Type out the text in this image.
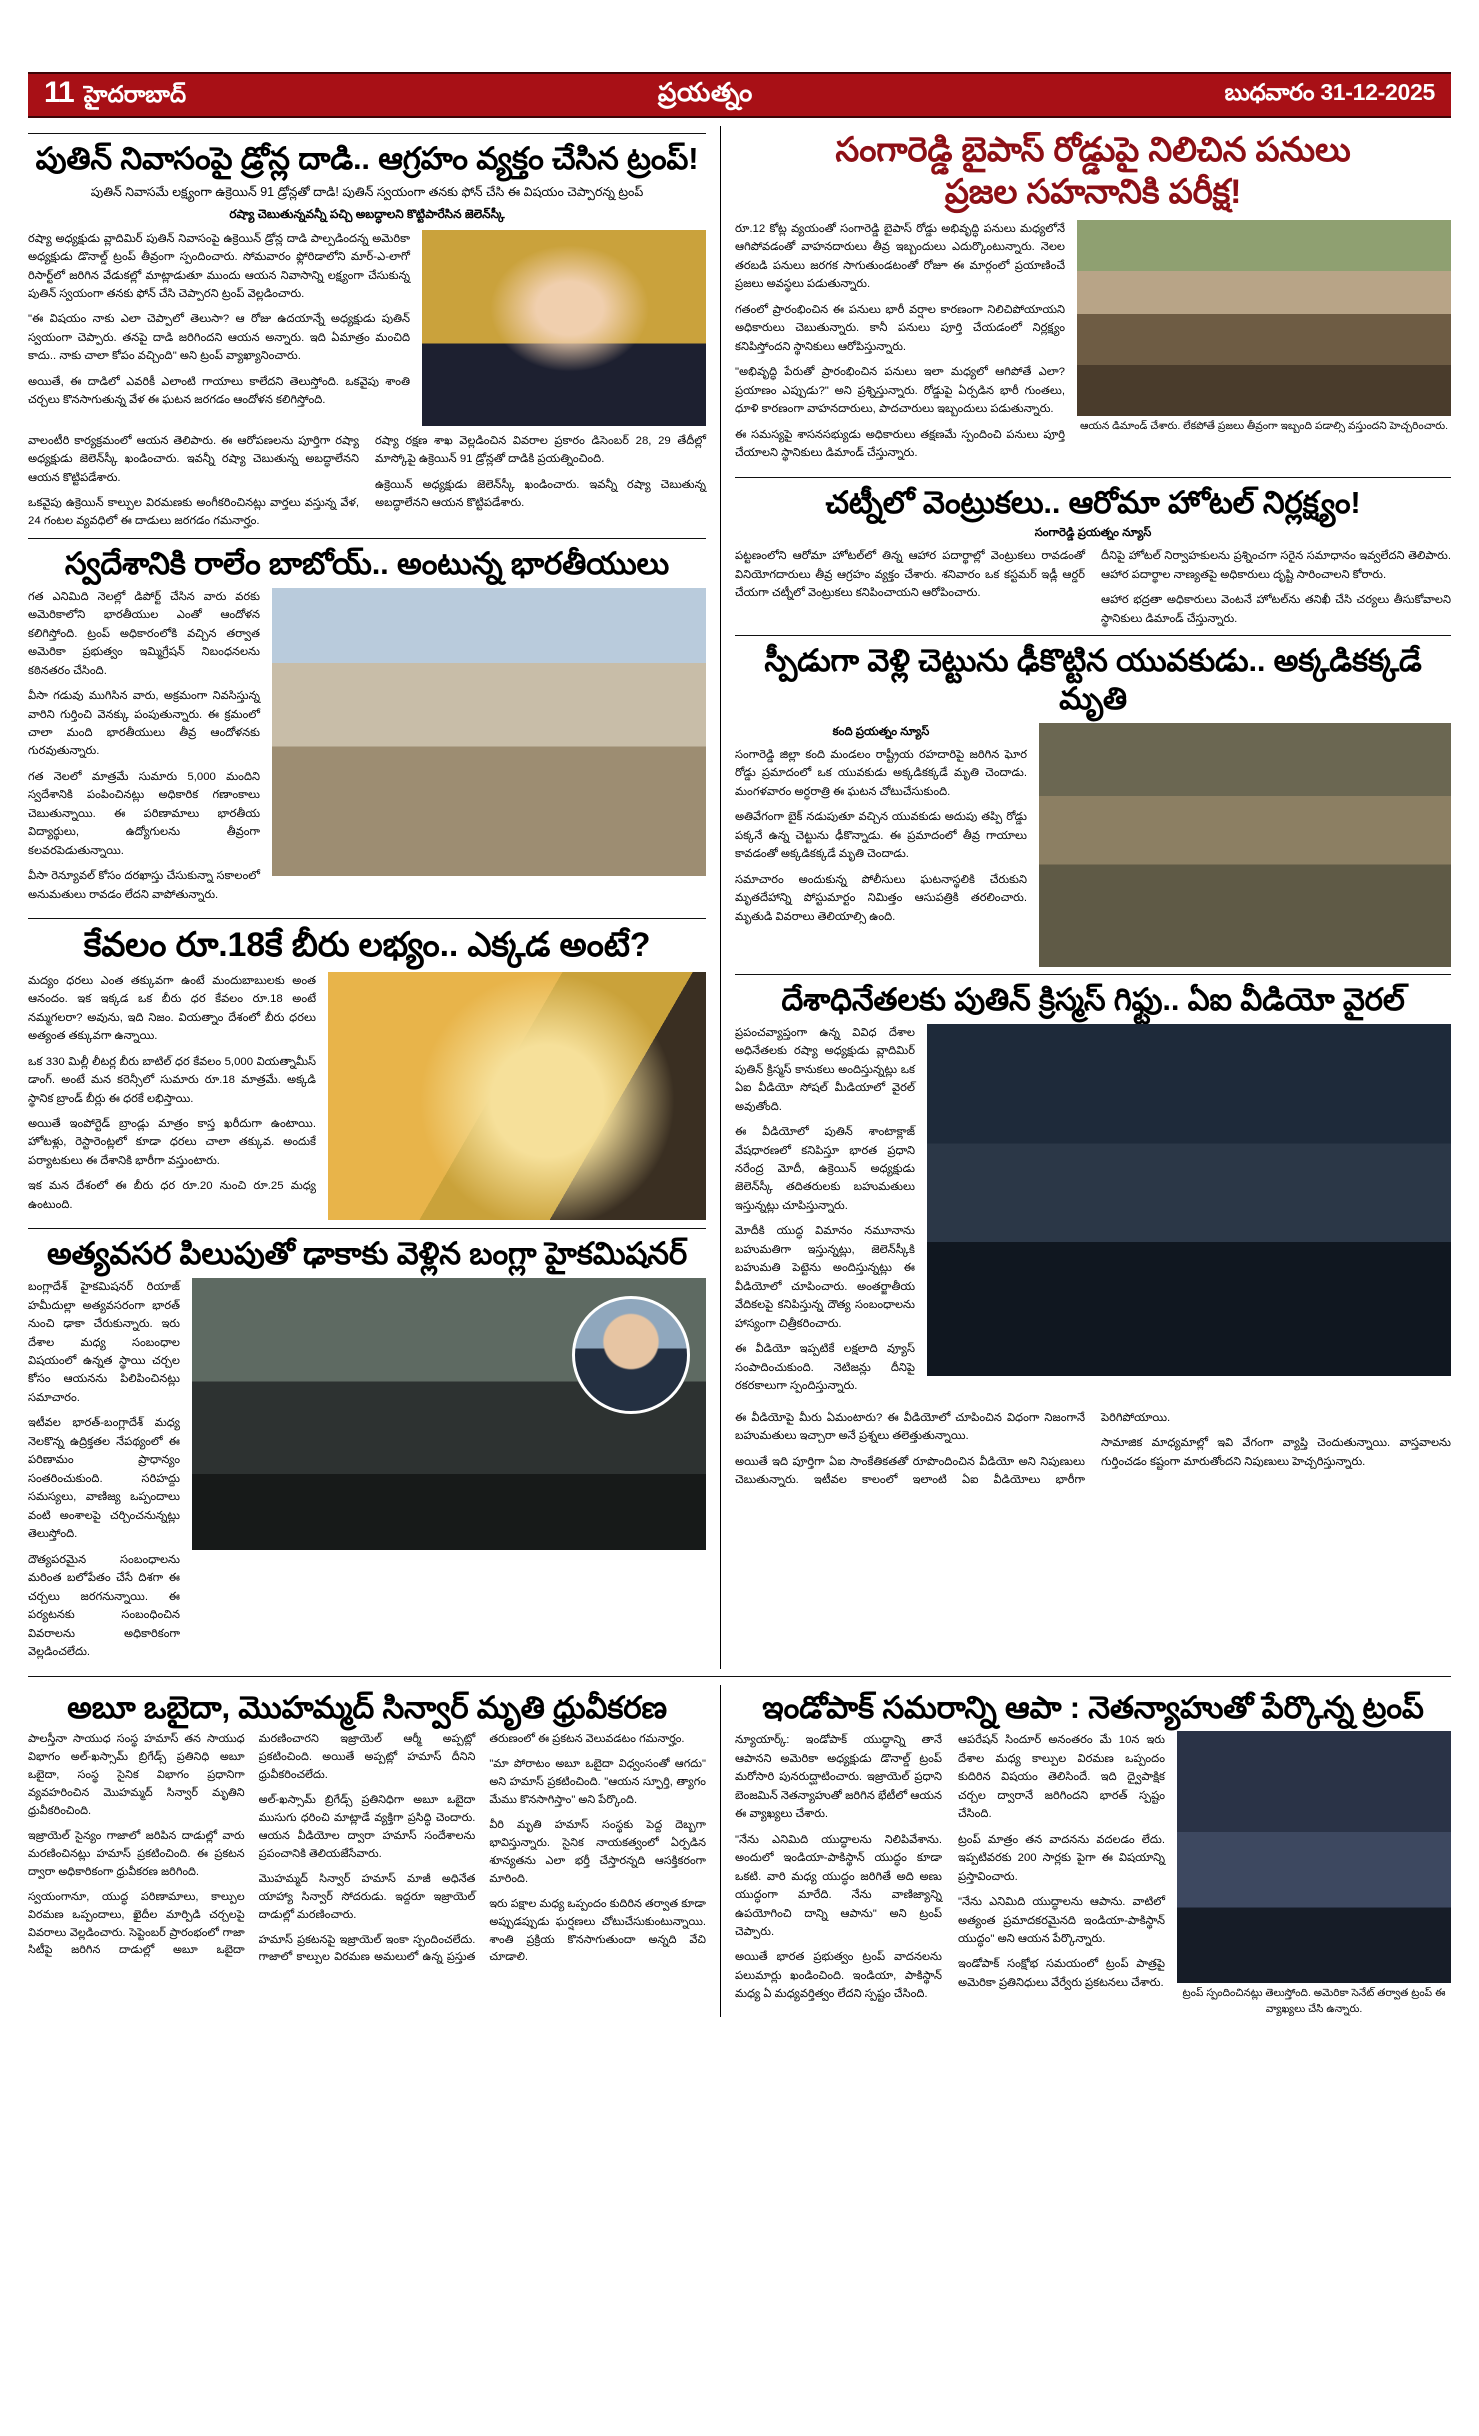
11 హైదరాబాద్	ప్రయత్నం	బుధవారం 31-12-2025
పుతిన్ నివాసంపై డ్రోన్ల దాడి.. ఆగ్రహం వ్యక్తం చేసిన ట్రంప్!
పుతిన్ నివాసమే లక్ష్యంగా ఉక్రెయిన్ 91 డ్రోన్లతో దాడి! పుతిన్ స్వయంగా తనకు ఫోన్ చేసి ఈ విషయం చెప్పారన్న ట్రంప్
రష్యా చెబుతున్నవన్నీ పచ్చి అబద్ధాలని కొట్టిపారేసిన జెలెన్‌స్కీ

రష్యా అధ్యక్షుడు వ్లాదిమిర్ పుతిన్ నివాసంపై ఉక్రెయిన్ డ్రోన్ల దాడి పాల్పడిందన్న అమెరికా అధ్యక్షుడు డొనాల్డ్ ట్రంప్ తీవ్రంగా స్పందించారు. సోమవారం ఫ్లోరిడాలోని మార్-ఎ-లాగో రిసార్ట్‌లో జరిగిన వేడుకల్లో మాట్లాడుతూ ముందు ఆయన నివాసాన్ని లక్ష్యంగా చేసుకున్న పుతిన్ స్వయంగా తనకు ఫోన్ చేసి చెప్పారని ట్రంప్ వెల్లడించారు.

"ఈ విషయం నాకు ఎలా చెప్పాలో తెలుసా? ఆ రోజు ఉదయాన్నే అధ్యక్షుడు పుతిన్ స్వయంగా చెప్పారు. తనపై దాడి జరిగిందని ఆయన అన్నారు. ఇది ఏమాత్రం మంచిది కాదు.. నాకు చాలా కోపం వచ్చింది" అని ట్రంప్ వ్యాఖ్యానించారు.

అయితే, ఈ దాడిలో ఎవరికీ ఎలాంటి గాయాలు కాలేదని తెలుస్తోంది. ఒకవైపు శాంతి చర్చలు కొనసాగుతున్న వేళ ఈ ఘటన జరగడం ఆందోళన కలిగిస్తోంది.

వాలంటీరి కార్యక్రమంలో ఆయన తెలిపారు. ఈ ఆరోపణలను పూర్తిగా రష్యా అధ్యక్షుడు జెలెన్‌స్కీ ఖండించారు. ఇవన్నీ రష్యా చెబుతున్న అబద్ధాలేనని ఆయన కొట్టిపడేశారు.

ఒకవైపు ఉక్రెయిన్ కాల్పుల విరమణకు అంగీకరించినట్లు వార్తలు వస్తున్న వేళ, 24 గంటల వ్యవధిలో ఈ దాడులు జరగడం గమనార్హం.

రష్యా రక్షణ శాఖ వెల్లడించిన వివరాల ప్రకారం డిసెంబర్ 28, 29 తేదీల్లో మాస్కోపై ఉక్రెయిన్ 91 డ్రోన్లతో దాడికి ప్రయత్నించింది.

ఉక్రెయిన్ అధ్యక్షుడు జెలెన్‌స్కీ ఖండించారు. ఇవన్నీ రష్యా చెబుతున్న అబద్ధాలేనని ఆయన కొట్టిపడేశారు.

స్వదేశానికి రాలేం బాబోయ్.. అంటున్న భారతీయులు

గత ఎనిమిది నెలల్లో డిపోర్ట్ చేసిన వారు వరకు అమెరికాలోని భారతీయుల ఎంతో ఆందోళన కలిగిస్తోంది. ట్రంప్ అధికారంలోకి వచ్చిన తర్వాత అమెరికా ప్రభుత్వం ఇమ్మిగ్రేషన్ నిబంధనలను కఠినతరం చేసింది.

వీసా గడువు ముగిసిన వారు, అక్రమంగా నివసిస్తున్న వారిని గుర్తించి వెనక్కు పంపుతున్నారు. ఈ క్రమంలో చాలా మంది భారతీయులు తీవ్ర ఆందోళనకు గురవుతున్నారు.

గత నెలలో మాత్రమే సుమారు 5,000 మందిని స్వదేశానికి పంపించినట్లు అధికారిక గణాంకాలు చెబుతున్నాయి. ఈ పరిణామాలు భారతీయ విద్యార్థులు, ఉద్యోగులను తీవ్రంగా కలవరపెడుతున్నాయి.

వీసా రెన్యూవల్ కోసం దరఖాస్తు చేసుకున్నా సకాలంలో అనుమతులు రావడం లేదని వాపోతున్నారు.

కేవలం రూ.18కే బీరు లభ్యం.. ఎక్కడ అంటే?

మద్యం ధరలు ఎంత తక్కువగా ఉంటే మందుబాబులకు అంత ఆనందం. ఇక ఇక్కడ ఒక బీరు ధర కేవలం రూ.18 అంటే నమ్మగలరా? అవును, ఇది నిజం. వియత్నాం దేశంలో బీరు ధరలు అత్యంత తక్కువగా ఉన్నాయి.

ఒక 330 మిల్లీ లీటర్ల బీరు బాటిల్ ధర కేవలం 5,000 వియత్నామీస్ డాంగ్. అంటే మన కరెన్సీలో సుమారు రూ.18 మాత్రమే. అక్కడి స్థానిక బ్రాండ్ బీర్లు ఈ ధరకే లభిస్తాయి.

అయితే ఇంపోర్టెడ్ బ్రాండ్లు మాత్రం కాస్త ఖరీదుగా ఉంటాయి. హోటళ్లు, రెస్టారెంట్లలో కూడా ధరలు చాలా తక్కువ. అందుకే పర్యాటకులు ఈ దేశానికి భారీగా వస్తుంటారు.

ఇక మన దేశంలో ఈ బీరు ధర రూ.20 నుంచి రూ.25 మధ్య ఉంటుంది.

అత్యవసర పిలుపుతో ఢాకాకు వెళ్లిన బంగ్లా హైకమిషనర్

బంగ్లాదేశ్ హైకమిషనర్ రియాజ్ హమీదుల్లా అత్యవసరంగా భారత్ నుంచి ఢాకా చేరుకున్నారు. ఇరు దేశాల మధ్య సంబంధాల విషయంలో ఉన్నత స్థాయి చర్చల కోసం ఆయనను పిలిపించినట్లు సమాచారం.

ఇటీవల భారత్-బంగ్లాదేశ్ మధ్య నెలకొన్న ఉద్రిక్తతల నేపథ్యంలో ఈ పరిణామం ప్రాధాన్యం సంతరించుకుంది. సరిహద్దు సమస్యలు, వాణిజ్య ఒప్పందాలు వంటి అంశాలపై చర్చించనున్నట్లు తెలుస్తోంది.

దౌత్యపరమైన సంబంధాలను మరింత బలోపేతం చేసే దిశగా ఈ చర్చలు జరగనున్నాయి. ఈ పర్యటనకు సంబంధించిన వివరాలను అధికారికంగా వెల్లడించలేదు.

సంగారెడ్డి బైపాస్ రోడ్డుపై నిలిచిన పనులు
ప్రజల సహనానికి పరీక్ష!

రూ.12 కోట్ల వ్యయంతో సంగారెడ్డి బైపాస్ రోడ్డు అభివృద్ధి పనులు మధ్యలోనే ఆగిపోవడంతో వాహనదారులు తీవ్ర ఇబ్బందులు ఎదుర్కొంటున్నారు. నెలల తరబడి పనులు జరగక సాగుతుండటంతో రోజూ ఈ మార్గంలో ప్రయాణించే ప్రజలు అవస్థలు పడుతున్నారు.

గతంలో ప్రారంభించిన ఈ పనులు భారీ వర్షాల కారణంగా నిలిచిపోయాయని అధికారులు చెబుతున్నారు. కానీ పనులు పూర్తి చేయడంలో నిర్లక్ష్యం కనిపిస్తోందని స్థానికులు ఆరోపిస్తున్నారు.

"అభివృద్ధి పేరుతో ప్రారంభించిన పనులు ఇలా మధ్యలో ఆగిపోతే ఎలా? ప్రయాణం ఎప్పుడు?" అని ప్రశ్నిస్తున్నారు. రోడ్డుపై ఏర్పడిన భారీ గుంతలు, ధూళి కారణంగా వాహనదారులు, పాదచారులు ఇబ్బందులు పడుతున్నారు.

ఈ సమస్యపై శాసనసభ్యుడు అధికారులు తక్షణమే స్పందించి పనులు పూర్తి చేయాలని స్థానికులు డిమాండ్ చేస్తున్నారు.

ఆయన డిమాండ్ చేశారు. లేకపోతే ప్రజలు తీవ్రంగా ఇబ్బంది పడాల్సి వస్తుందని హెచ్చరించారు.
చట్నీలో వెంట్రుకలు.. ఆరోమా హోటల్ నిర్లక్ష్యం!
సంగారెడ్డి ప్రయత్నం న్యూస్

పట్టణంలోని ఆరోమా హోటల్‌లో తిన్న ఆహార పదార్థాల్లో వెంట్రుకలు రావడంతో వినియోగదారులు తీవ్ర ఆగ్రహం వ్యక్తం చేశారు. శనివారం ఒక కస్టమర్ ఇడ్లీ ఆర్డర్ చేయగా చట్నీలో వెంట్రుకలు కనిపించాయని ఆరోపించారు.

దీనిపై హోటల్ నిర్వాహకులను ప్రశ్నించగా సరైన సమాధానం ఇవ్వలేదని తెలిపారు. ఆహార పదార్థాల నాణ్యతపై అధికారులు దృష్టి సారించాలని కోరారు.

ఆహార భద్రతా అధికారులు వెంటనే హోటల్‌ను తనిఖీ చేసి చర్యలు తీసుకోవాలని స్థానికులు డిమాండ్ చేస్తున్నారు.

స్పీడుగా వెళ్లి చెట్టును ఢీకొట్టిన యువకుడు.. అక్కడికక్కడే మృతి
కంది ప్రయత్నం న్యూస్

సంగారెడ్డి జిల్లా కంది మండలం రాష్ట్రీయ రహదారిపై జరిగిన ఘోర రోడ్డు ప్రమాదంలో ఒక యువకుడు అక్కడికక్కడే మృతి చెందాడు. మంగళవారం అర్ధరాత్రి ఈ ఘటన చోటుచేసుకుంది.

అతివేగంగా బైక్ నడుపుతూ వచ్చిన యువకుడు అదుపు తప్పి రోడ్డు పక్కనే ఉన్న చెట్టును ఢీకొన్నాడు. ఈ ప్రమాదంలో తీవ్ర గాయాలు కావడంతో అక్కడికక్కడే మృతి చెందాడు.

సమాచారం అందుకున్న పోలీసులు ఘటనాస్థలికి చేరుకుని మృతదేహాన్ని పోస్టుమార్టం నిమిత్తం ఆసుపత్రికి తరలించారు. మృతుడి వివరాలు తెలియాల్సి ఉంది.

దేశాధినేతలకు పుతిన్ క్రిస్మస్ గిఫ్టు.. ఏఐ వీడియో వైరల్

ప్రపంచవ్యాప్తంగా ఉన్న వివిధ దేశాల అధినేతలకు రష్యా అధ్యక్షుడు వ్లాదిమిర్ పుతిన్ క్రిస్మస్ కానుకలు అందిస్తున్నట్లు ఒక ఏఐ వీడియో సోషల్ మీడియాలో వైరల్ అవుతోంది.

ఈ వీడియోలో పుతిన్ శాంటాక్లాజ్ వేషధారణలో కనిపిస్తూ భారత ప్రధాని నరేంద్ర మోదీ, ఉక్రెయిన్ అధ్యక్షుడు జెలెన్‌స్కీ తదితరులకు బహుమతులు ఇస్తున్నట్లు చూపిస్తున్నారు.

మోదీకి యుద్ధ విమానం నమూనాను బహుమతిగా ఇస్తున్నట్లు, జెలెన్‌స్కీకి బహుమతి పెట్టెను అందిస్తున్నట్లు ఈ వీడియోలో చూపించారు. అంతర్జాతీయ వేదికలపై కనిపిస్తున్న దౌత్య సంబంధాలను హాస్యంగా చిత్రీకరించారు.

ఈ వీడియో ఇప్పటికే లక్షలాది వ్యూస్ సంపాదించుకుంది. నెటిజన్లు దీనిపై రకరకాలుగా స్పందిస్తున్నారు.

ఈ వీడియోపై మీరు ఏమంటారు? ఈ వీడియోలో చూపించిన విధంగా నిజంగానే బహుమతులు ఇచ్చారా అనే ప్రశ్నలు తలెత్తుతున్నాయి.

అయితే ఇది పూర్తిగా ఏఐ సాంకేతికతతో రూపొందించిన వీడియో అని నిపుణులు చెబుతున్నారు. ఇటీవల కాలంలో ఇలాంటి ఏఐ వీడియోలు భారీగా పెరిగిపోయాయి.

సామాజిక మాధ్యమాల్లో ఇవి వేగంగా వ్యాప్తి చెందుతున్నాయి. వాస్తవాలను గుర్తించడం కష్టంగా మారుతోందని నిపుణులు హెచ్చరిస్తున్నారు.

అబూ ఒబైదా, మొహమ్మద్ సిన్వార్ మృతి ధ్రువీకరణ

పాలస్తీనా సాయుధ సంస్థ హమాస్ తన సాయుధ విభాగం అల్-ఖస్సామ్ బ్రిగేడ్స్ ప్రతినిధి అబూ ఒబైదా, సంస్థ సైనిక విభాగం ప్రధానిగా వ్యవహరించిన మొహమ్మద్ సిన్వార్ మృతిని ధ్రువీకరించింది.

ఇజ్రాయెల్ సైన్యం గాజాలో జరిపిన దాడుల్లో వారు మరణించినట్లు హమాస్ ప్రకటించింది. ఈ ప్రకటన ద్వారా అధికారికంగా ధ్రువీకరణ జరిగింది.

స్వయంగానూ, యుద్ధ పరిణామాలు, కాల్పుల విరమణ ఒప్పందాలు, ఖైదీల మార్పిడి చర్చలపై వివరాలు వెల్లడించారు. సెప్టెంబర్ ప్రారంభంలో గాజా సిటీపై జరిగిన దాడుల్లో అబూ ఒబైదా మరణించారని ఇజ్రాయెల్ ఆర్మీ అప్పట్లో ప్రకటించింది. అయితే అప్పట్లో హమాస్ దీనిని ధ్రువీకరించలేదు.

అల్-ఖస్సామ్ బ్రిగేడ్స్ ప్రతినిధిగా అబూ ఒబైదా ముసుగు ధరించి మాట్లాడే వ్యక్తిగా ప్రసిద్ధి చెందారు. ఆయన వీడియోల ద్వారా హమాస్ సందేశాలను ప్రపంచానికి తెలియజేసేవారు.

మొహమ్మద్ సిన్వార్ హమాస్ మాజీ అధినేత యాహ్యా సిన్వార్ సోదరుడు. ఇద్దరూ ఇజ్రాయెల్ దాడుల్లో మరణించారు.

హమాస్ ప్రకటనపై ఇజ్రాయెల్ ఇంకా స్పందించలేదు. గాజాలో కాల్పుల విరమణ అమలులో ఉన్న ప్రస్తుత తరుణంలో ఈ ప్రకటన వెలువడటం గమనార్హం.

"మా పోరాటం అబూ ఒబైదా విధ్వంసంతో ఆగదు" అని హమాస్ ప్రకటించింది. "ఆయన స్ఫూర్తి, త్యాగం మేము కొనసాగిస్తాం" అని పేర్కొంది.

వీరి మృతి హమాస్ సంస్థకు పెద్ద దెబ్బగా భావిస్తున్నారు. సైనిక నాయకత్వంలో ఏర్పడిన శూన్యతను ఎలా భర్తీ చేస్తారన్నది ఆసక్తికరంగా మారింది.

ఇరు పక్షాల మధ్య ఒప్పందం కుదిరిన తర్వాత కూడా అప్పుడప్పుడు ఘర్షణలు చోటుచేసుకుంటున్నాయి. శాంతి ప్రక్రియ కొనసాగుతుందా అన్నది వేచి చూడాలి.

ఇండోపాక్ సమరాన్ని ఆపా : నెతన్యాహుతో పేర్కొన్న ట్రంప్

న్యూయార్క్: ఇండోపాక్ యుద్ధాన్ని తానే ఆపానని అమెరికా అధ్యక్షుడు డొనాల్డ్ ట్రంప్ మరోసారి పునరుద్ఘాటించారు. ఇజ్రాయెల్ ప్రధాని బెంజమిన్ నెతన్యాహుతో జరిగిన భేటీలో ఆయన ఈ వ్యాఖ్యలు చేశారు.

"నేను ఎనిమిది యుద్ధాలను నిలిపివేశాను. అందులో ఇండియా-పాకిస్థాన్ యుద్ధం కూడా ఒకటి. వారి మధ్య యుద్ధం జరిగితే అది అణు యుద్ధంగా మారేది. నేను వాణిజ్యాన్ని ఉపయోగించి దాన్ని ఆపాను" అని ట్రంప్ చెప్పారు.

అయితే భారత ప్రభుత్వం ట్రంప్ వాదనలను పలుమార్లు ఖండించింది. ఇండియా, పాకిస్థాన్ మధ్య ఏ మధ్యవర్తిత్వం లేదని స్పష్టం చేసింది.

ఆపరేషన్ సిందూర్ అనంతరం మే 10న ఇరు దేశాల మధ్య కాల్పుల విరమణ ఒప్పందం కుదిరిన విషయం తెలిసిందే. ఇది ద్వైపాక్షిక చర్చల ద్వారానే జరిగిందని భారత్ స్పష్టం చేసింది.

ట్రంప్ మాత్రం తన వాదనను వదలడం లేదు. ఇప్పటివరకు 200 సార్లకు పైగా ఈ విషయాన్ని ప్రస్తావించారు.

"నేను ఎనిమిది యుద్ధాలను ఆపాను. వాటిలో అత్యంత ప్రమాదకరమైనది ఇండియా-పాకిస్థాన్ యుద్ధం" అని ఆయన పేర్కొన్నారు.

ఇండోపాక్ సంక్షోభ సమయంలో ట్రంప్ పాత్రపై అమెరికా ప్రతినిధులు వేర్వేరు ప్రకటనలు చేశారు.

ట్రంప్ స్పందించినట్లు తెలుస్తోంది. అమెరికా సెనేట్ తర్వాత ట్రంప్ ఈ వ్యాఖ్యలు చేసి ఉన్నారు.
